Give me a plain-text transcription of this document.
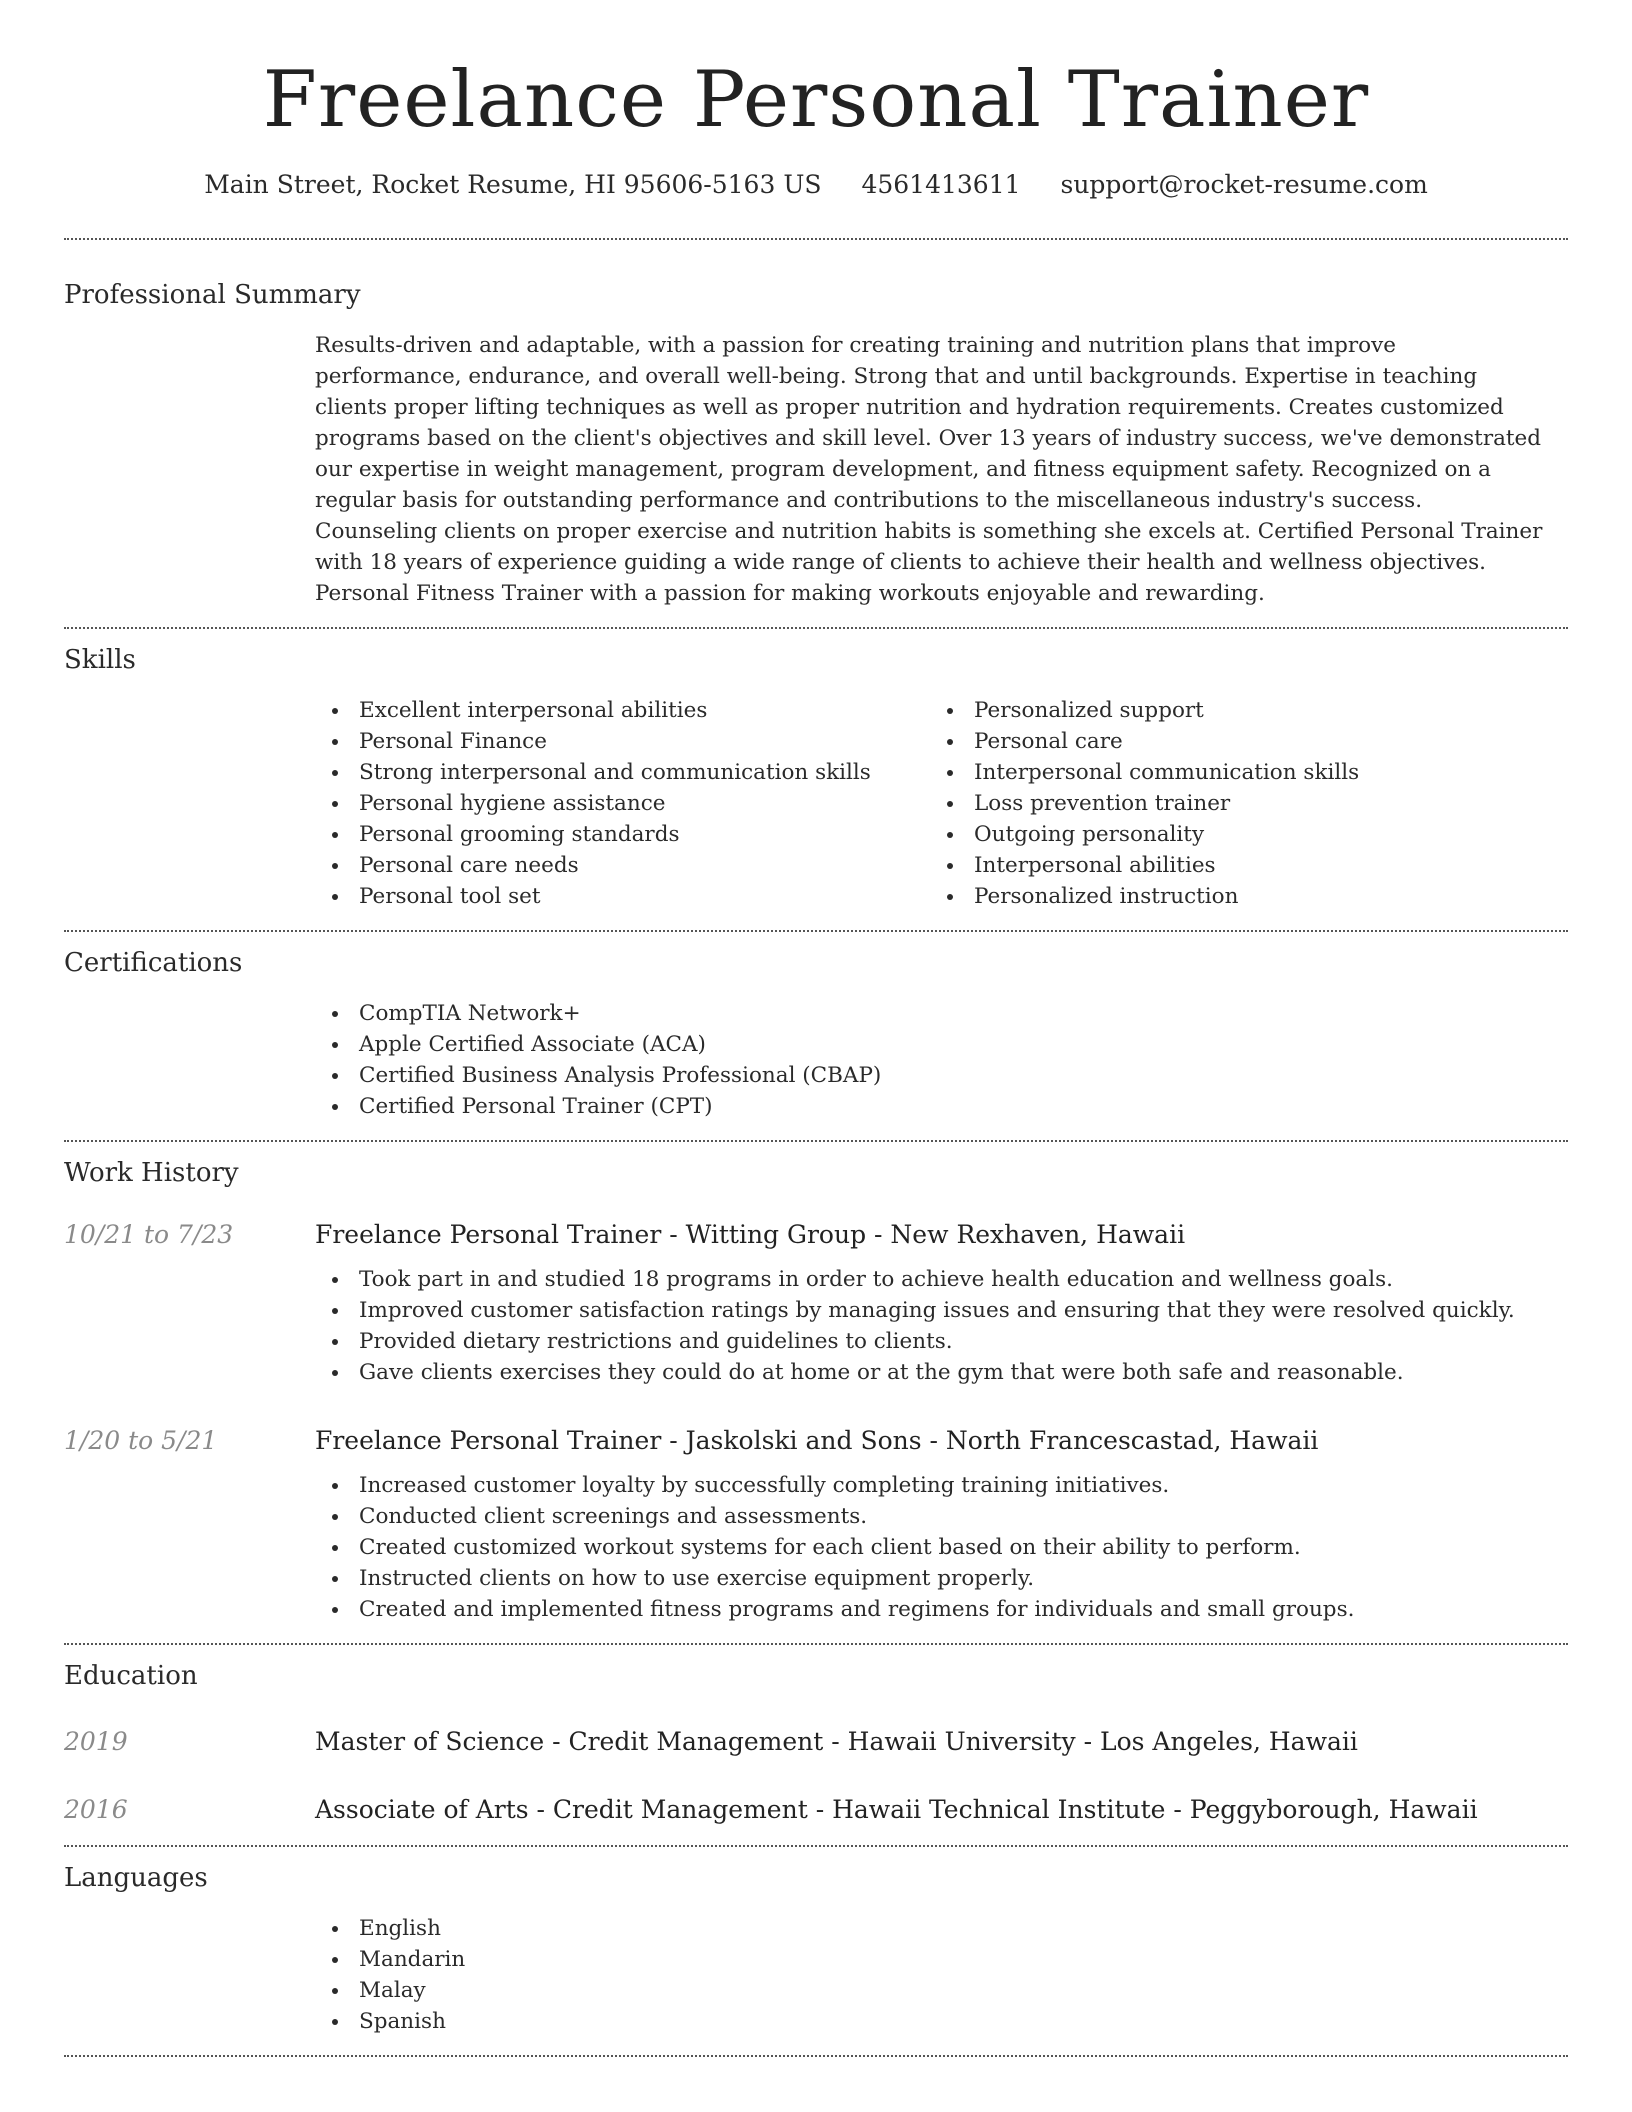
Freelance Personal Trainer
Main Street, Rocket Resume, HI 95606-5163 US 4561413611 support@rocket-resume.com
Professional Summary
Results-driven and adaptable, with a passion for creating training and nutrition plans that improve performance, endurance, and overall well-being. Strong that and until backgrounds. Expertise in teaching clients proper lifting techniques as well as proper nutrition and hydration requirements. Creates customized programs based on the client's objectives and skill level. Over 13 years of industry success, we've demonstrated our expertise in weight management, program development, and fitness equipment safety. Recognized on a regular basis for outstanding performance and contributions to the miscellaneous industry's success. Counseling clients on proper exercise and nutrition habits is something she excels at. Certified Personal Trainer with 18 years of experience guiding a wide range of clients to achieve their health and wellness objectives. Personal Fitness Trainer with a passion for making workouts enjoyable and rewarding.
Skills
Excellent interpersonal abilities
Personal Finance
Strong interpersonal and communication skills
Personal hygiene assistance
Personal grooming standards
Personal care needs
Personal tool set
Personalized support
Personal care
Interpersonal communication skills
Loss prevention trainer
Outgoing personality
Interpersonal abilities
Personalized instruction
Certifications
CompTIA Network+
Apple Certified Associate (ACA)
Certified Business Analysis Professional (CBAP)
Certified Personal Trainer (CPT)
Work History
10/21 to 7/23	Freelance Personal Trainer - Witting Group - New Rexhaven, Hawaii
Took part in and studied 18 programs in order to achieve health education and wellness goals.
Improved customer satisfaction ratings by managing issues and ensuring that they were resolved quickly.
Provided dietary restrictions and guidelines to clients.
Gave clients exercises they could do at home or at the gym that were both safe and reasonable.
1/20 to 5/21	Freelance Personal Trainer - Jaskolski and Sons - North Francescastad, Hawaii
Increased customer loyalty by successfully completing training initiatives.
Conducted client screenings and assessments.
Created customized workout systems for each client based on their ability to perform.
Instructed clients on how to use exercise equipment properly.
Created and implemented fitness programs and regimens for individuals and small groups.
Education
2019	Master of Science - Credit Management - Hawaii University - Los Angeles, Hawaii
2016	Associate of Arts - Credit Management - Hawaii Technical Institute - Peggyborough, Hawaii
Languages
English
Mandarin
Malay
Spanish
